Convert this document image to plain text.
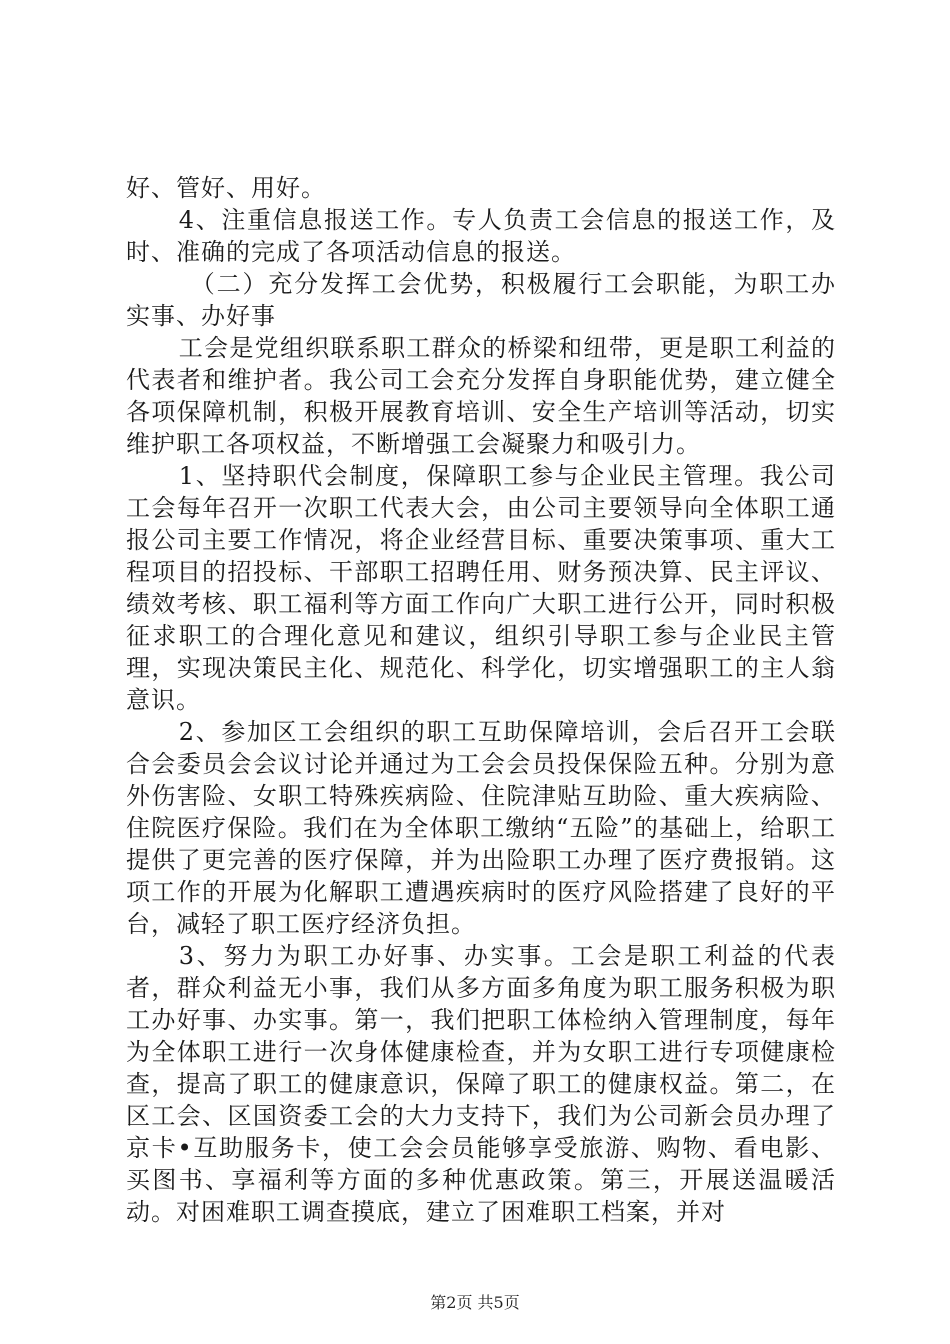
好、管好、用好。

4、注重信息报送工作。专人负责工会信息的报送工作，及时、准确的完成了各项活动信息的报送。

（二）充分发挥工会优势，积极履行工会职能，为职工办实事、办好事

工会是党组织联系职工群众的桥梁和纽带，更是职工利益的代表者和维护者。我公司工会充分发挥自身职能优势，建立健全各项保障机制，积极开展教育培训、安全生产培训等活动，切实维护职工各项权益，不断增强工会凝聚力和吸引力。

1、坚持职代会制度，保障职工参与企业民主管理。我公司工会每年召开一次职工代表大会，由公司主要领导向全体职工通报公司主要工作情况，将企业经营目标、重要决策事项、重大工程项目的招投标、干部职工招聘任用、财务预决算、民主评议、绩效考核、职工福利等方面工作向广大职工进行公开，同时积极征求职工的合理化意见和建议，组织引导职工参与企业民主管理，实现决策民主化、规范化、科学化，切实增强职工的主人翁意识。

2、参加区工会组织的职工互助保障培训，会后召开工会联合会委员会会议讨论并通过为工会会员投保保险五种。分别为意外伤害险、女职工特殊疾病险、住院津贴互助险、重大疾病险、住院医疗保险。我们在为全体职工缴纳“五险”的基础上，给职工提供了更完善的医疗保障，并为出险职工办理了医疗费报销。这项工作的开展为化解职工遭遇疾病时的医疗风险搭建了良好的平台，减轻了职工医疗经济负担。

3、努力为职工办好事、办实事。工会是职工利益的代表者，群众利益无小事，我们从多方面多角度为职工服务积极为职工办好事、办实事。第一，我们把职工体检纳入管理制度，每年为全体职工进行一次身体健康检查，并为女职工进行专项健康检查，提高了职工的健康意识，保障了职工的健康权益。第二，在区工会、区国资委工会的大力支持下，我们为公司新会员办理了京卡•互助服务卡，使工会会员能够享受旅游、购物、看电影、买图书、享福利等方面的多种优惠政策。第三，开展送温暖活动。对困难职工调查摸底，建立了困难职工档案，并对

第2页 共5页
